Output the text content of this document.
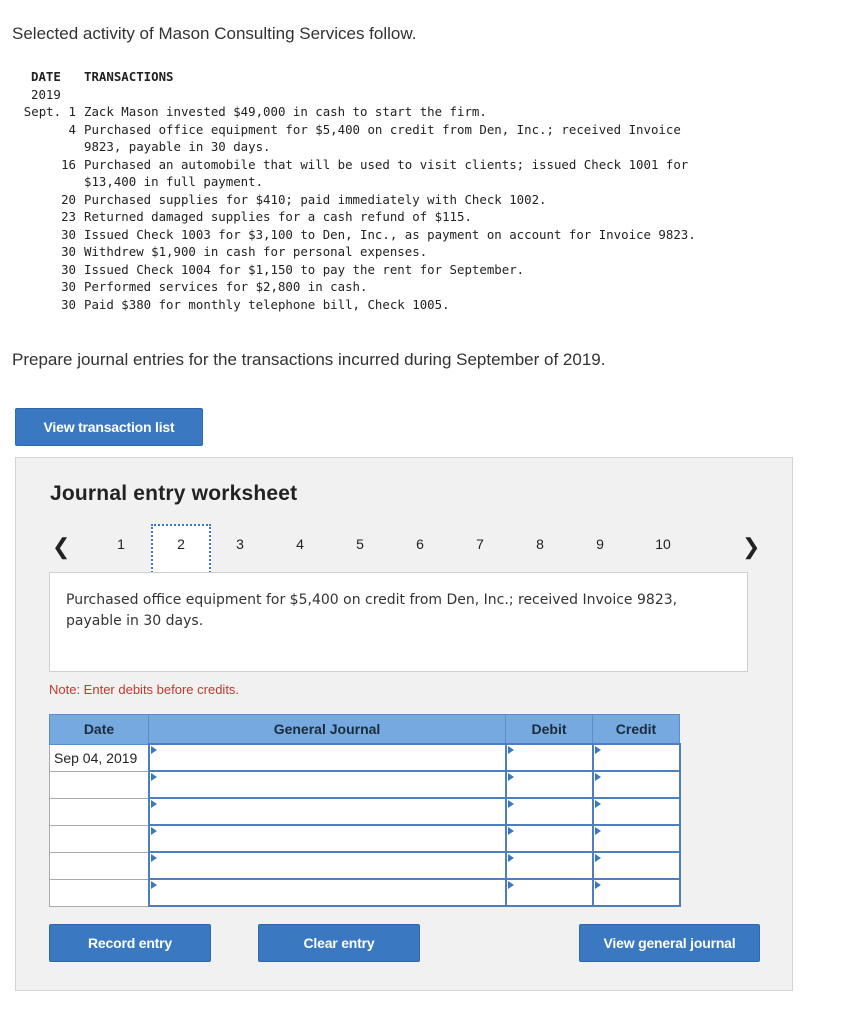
Selected activity of Mason Consulting Services follow.
DATE	TRANSACTIONS
2019
Sept. 1 Zack Mason invested $49,000 in cash to start the firm.
4 Purchased office equipment for $5,400 on credit from Den, Inc.; received Invoice 9823, payable in 30 days.
16 Purchased an automobile that will be used to visit clients; issued Check 1001 for $13,400 in full payment.
20 Purchased supplies for $410; paid immediately with Check 1002.
23 Returned damaged supplies for a cash refund of $115.
30 Issued Check 1003 for $3,100 to Den, Inc., as payment on account for Invoice 9823.
30 Withdrew $1,900 in cash for personal expenses.
30 Issued Check 1004 for $1,150 to pay the rent for September.
30 Performed services for $2,800 in cash.
30 Paid $380 for monthly telephone bill, Check 1005.
Prepare journal entries for the transactions incurred during September of 2019.
View transaction list
Journal entry worksheet
❮	1	2	3	4	5	6	7	8	9	10	❯
Purchased office equipment for $5,400 on credit from Den, Inc.; received Invoice 9823, payable in 30 days.
Note: Enter debits before credits.
Date	General Journal	Debit	Credit
Sep 04, 2019			

Record entry	Clear entry	View general journal
